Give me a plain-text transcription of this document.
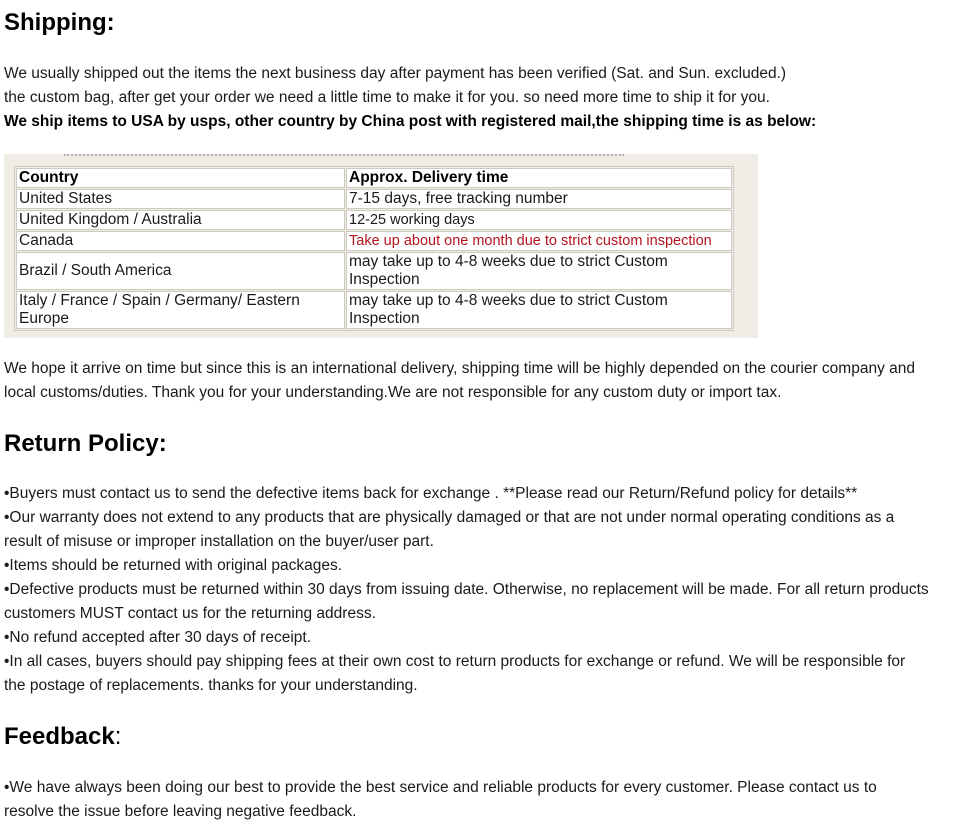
Shipping:
We usually shipped out the items the next business day after payment has been verified (Sat. and Sun. excluded.)
the custom bag, after get your order we need a little time to make it for you. so need more time to ship it for you.
We ship items to USA by usps, other country by China post with registered mail,the shipping time is as below:
Country	Approx. Delivery time
United States	7-15 days, free tracking number
United Kingdom / Australia	12-25 working days
Canada	Take up about one month due to strict custom inspection
Brazil / South America	may take up to 4-8 weeks due to strict Custom
Inspection
Italy / France / Spain / Germany/ Eastern
Europe	may take up to 4-8 weeks due to strict Custom
Inspection
We hope it arrive on time but since this is an international delivery, shipping time will be highly depended on the courier company and
local customs/duties. Thank you for your understanding.We are not responsible for any custom duty or import tax.
Return Policy:
•Buyers must contact us to send the defective items back for exchange . **Please read our Return/Refund policy for details**
•Our warranty does not extend to any products that are physically damaged or that are not under normal operating conditions as a
result of misuse or improper installation on the buyer/user part.
•Items should be returned with original packages.
•Defective products must be returned within 30 days from issuing date. Otherwise, no replacement will be made. For all return products
customers MUST contact us for the returning address.
•No refund accepted after 30 days of receipt.
•In all cases, buyers should pay shipping fees at their own cost to return products for exchange or refund. We will be responsible for
the postage of replacements. thanks for your understanding.
Feedback:
•We have always been doing our best to provide the best service and reliable products for every customer. Please contact us to
resolve the issue before leaving negative feedback.
